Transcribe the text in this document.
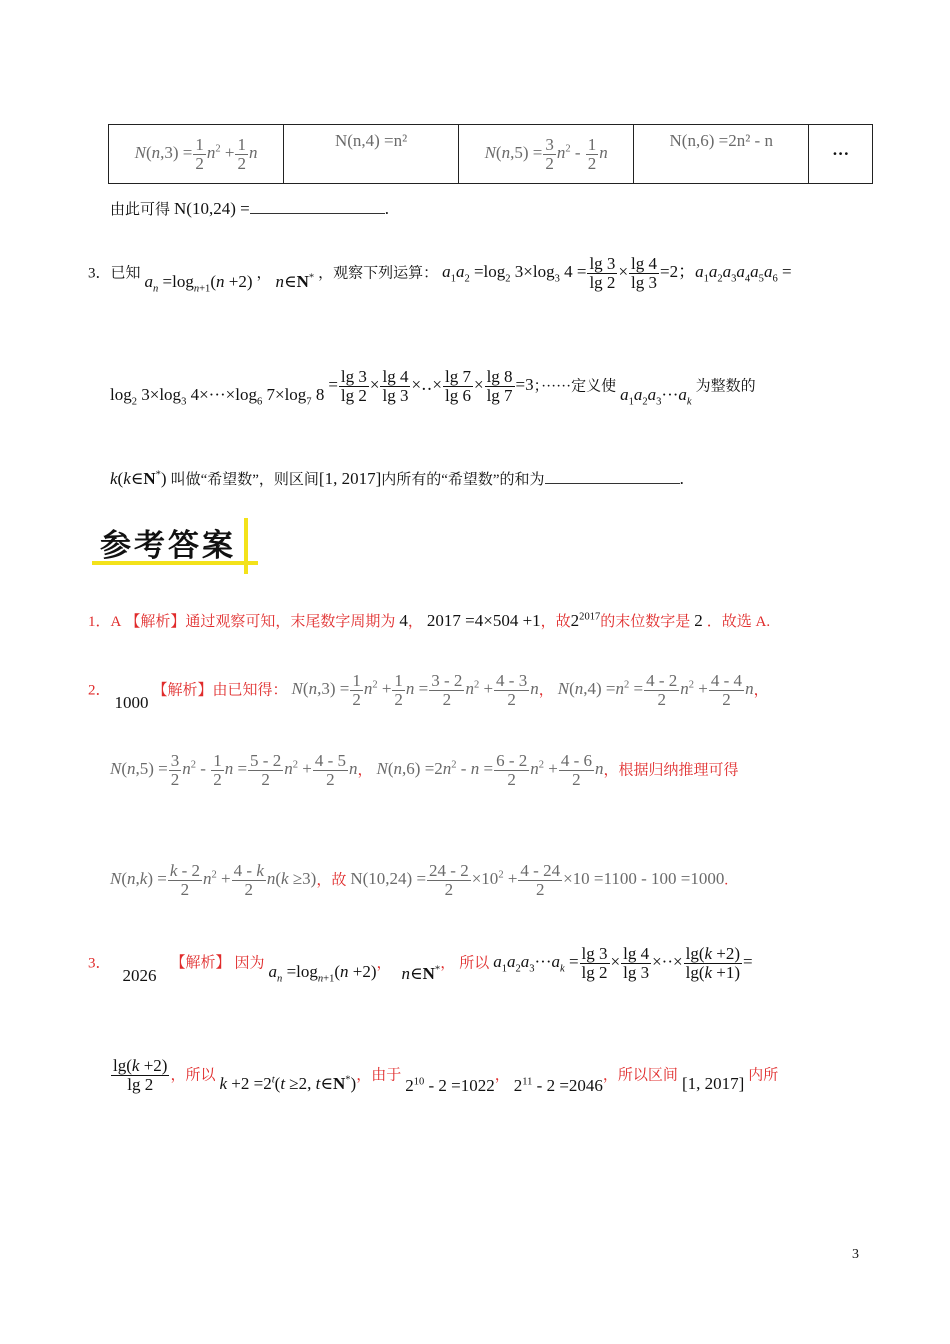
$N(n,3) = \frac{1}{2} n^2 + \frac{1}{2}$ n	N(n,4) =n²	$N(n,5) = \frac{3}{2} n^2 - \frac{1}{2}$ n	N(n,6) =2n² - n	···
由此可得 N(10,24) =	.
3．已知 $a_n =\log_{n+1}(n +2)$ ， n∈N* ，观察下列运算： $a_1a_2 =\log_2$ $3\times\log_3$ $4 = \frac{\lg 3}{\lg 2} \times \frac{\lg 4}{\lg 3} =2$；$a_1a_2a_3a_4a_5a_6$ =
$\log_2 3\times\log_3$ $4\times\cdot\cdot\cdot\times\log_6$ $7\times\log_7$ $8 = \frac{\lg 3}{\lg 2} \times \frac{\lg 4}{\lg 3}$ ×‥× $\frac{\lg 7}{\lg 6} \times \frac{\lg 8}{\lg 7} =3$；······定义使 $a_1a_2a_3\cdot\cdot\cdot a_k$ 为整数的
k(k∈N*) 叫做“希望数”，则区间[1, 2017]内所有的“希望数”的和为	.
参考答案
1．A 【解析】通过观察可知，末尾数字周期为 4， 2017 =4×504 +1，故$2^{2017}$的末位数字是 2 ．故选 A.
2． 1000 【解析】由已知得： $N(n,3) = \frac{1}{2} n^2 + \frac{1}{2}$ $n = \frac{3 - 2}{2} n^2 + \frac{4 - 3}{2}$ n， $N(n,4) =n^2 = \frac{4 - 2}{2} n^2 + \frac{4 - 4}{2}$ n，
$N(n,5) = \frac{3}{2} n^2 - \frac{1}{2}$ $n = \frac{5 - 2}{2} n^2 + \frac{4 - 5}{2}$ n， $N(n,6) =2n^2 - n = \frac{6 - 2}{2} n^2 + \frac{4 - 6}{2}$ n，根据归纳推理可得
$N(n,k) = \frac{k - 2}{2} n^2 + \frac{4 - k}{2} n(k \ge 3)$，故 $N(10,24) = \frac{24 - 2}{2} \times 10^2 + \frac{4 - 24}{2} \times 10 =1100 - 100 =1000$.
3． 2026 【解析】 因为 $a_n =\log_{n+1}(n +2)$， n∈N*， 所以 $a_1a_2a_3\cdot\cdot\cdot a_k = \frac{\lg 3}{\lg 2} \times \frac{\lg 4}{\lg 3}$ ×··× $\frac{\lg(k +2)}{\lg(k +1)}$ =
$\frac{\lg(k +2)}{\lg 2}$ ，所以 $k +2 =2^t(t \ge 2$, t∈N*)，由于 $2^{10} - 2 =1022$， $2^{11} - 2 =2046$，所以区间 [1, 2017] 内所
3
